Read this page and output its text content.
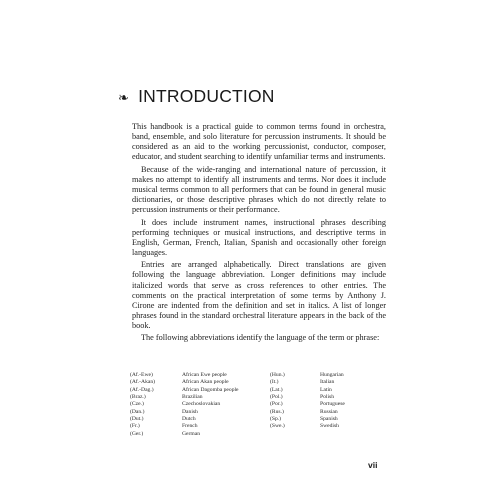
❧ INTRODUCTION

This handbook is a practical guide to common terms found in orchestra, band, ensemble, and solo literature for percussion instruments. It should be considered as an aid to the working percussionist, conductor, composer, educator, and student searching to identify unfamiliar terms and instruments.

Because of the wide-ranging and international nature of percussion, it makes no attempt to identify all instruments and terms. Nor does it include musical terms common to all performers that can be found in general music dictionaries, or those descriptive phrases which do not directly relate to percussion instruments or their performance.

It does include instrument names, instructional phrases describing performing techniques or musical instructions, and descriptive terms in English, German, French, Italian, Spanish and occasionally other foreign languages.

Entries are arranged alphabetically. Direct translations are given following the language abbreviation. Longer definitions may include italicized words that serve as cross references to other entries. The comments on the practical interpretation of some terms by Anthony J. Cirone are indented from the definition and set in italics. A list of longer phrases found in the standard orchestral literature appears in the back of the book.

The following abbreviations identify the language of the term or phrase:

(Af.-Ewe)
(Af.-Akan)
(Af.-Dag.)
(Braz.)
(Cze.)
(Dan.)
(Dut.)
(Fr.)
(Ger.)
African Ewe people
African Akan people
African Dagomba people
Brazilian
Czechoslovakian
Danish
Dutch
French
German
(Hun.)
(It.)
(Lat.)
(Pol.)
(Por.)
(Rus.)
(Sp.)
(Swe.)
Hungarian
Italian
Latin
Polish
Portuguese
Russian
Spanish
Swedish
vii
